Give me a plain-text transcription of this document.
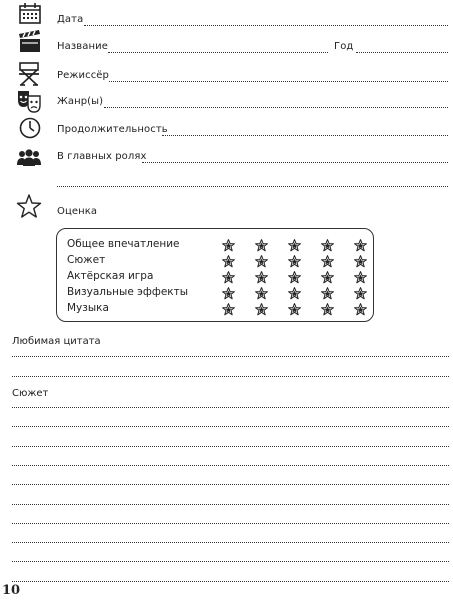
Дата
Название	Год
Режиссёр
Жанр(ы)
Продолжительность
В главных ролях
Оценка
Общее впечатление
Сюжет
Актёрская игра
Визуальные эффекты
Музыка
Любимая цитата
Сюжет
10
